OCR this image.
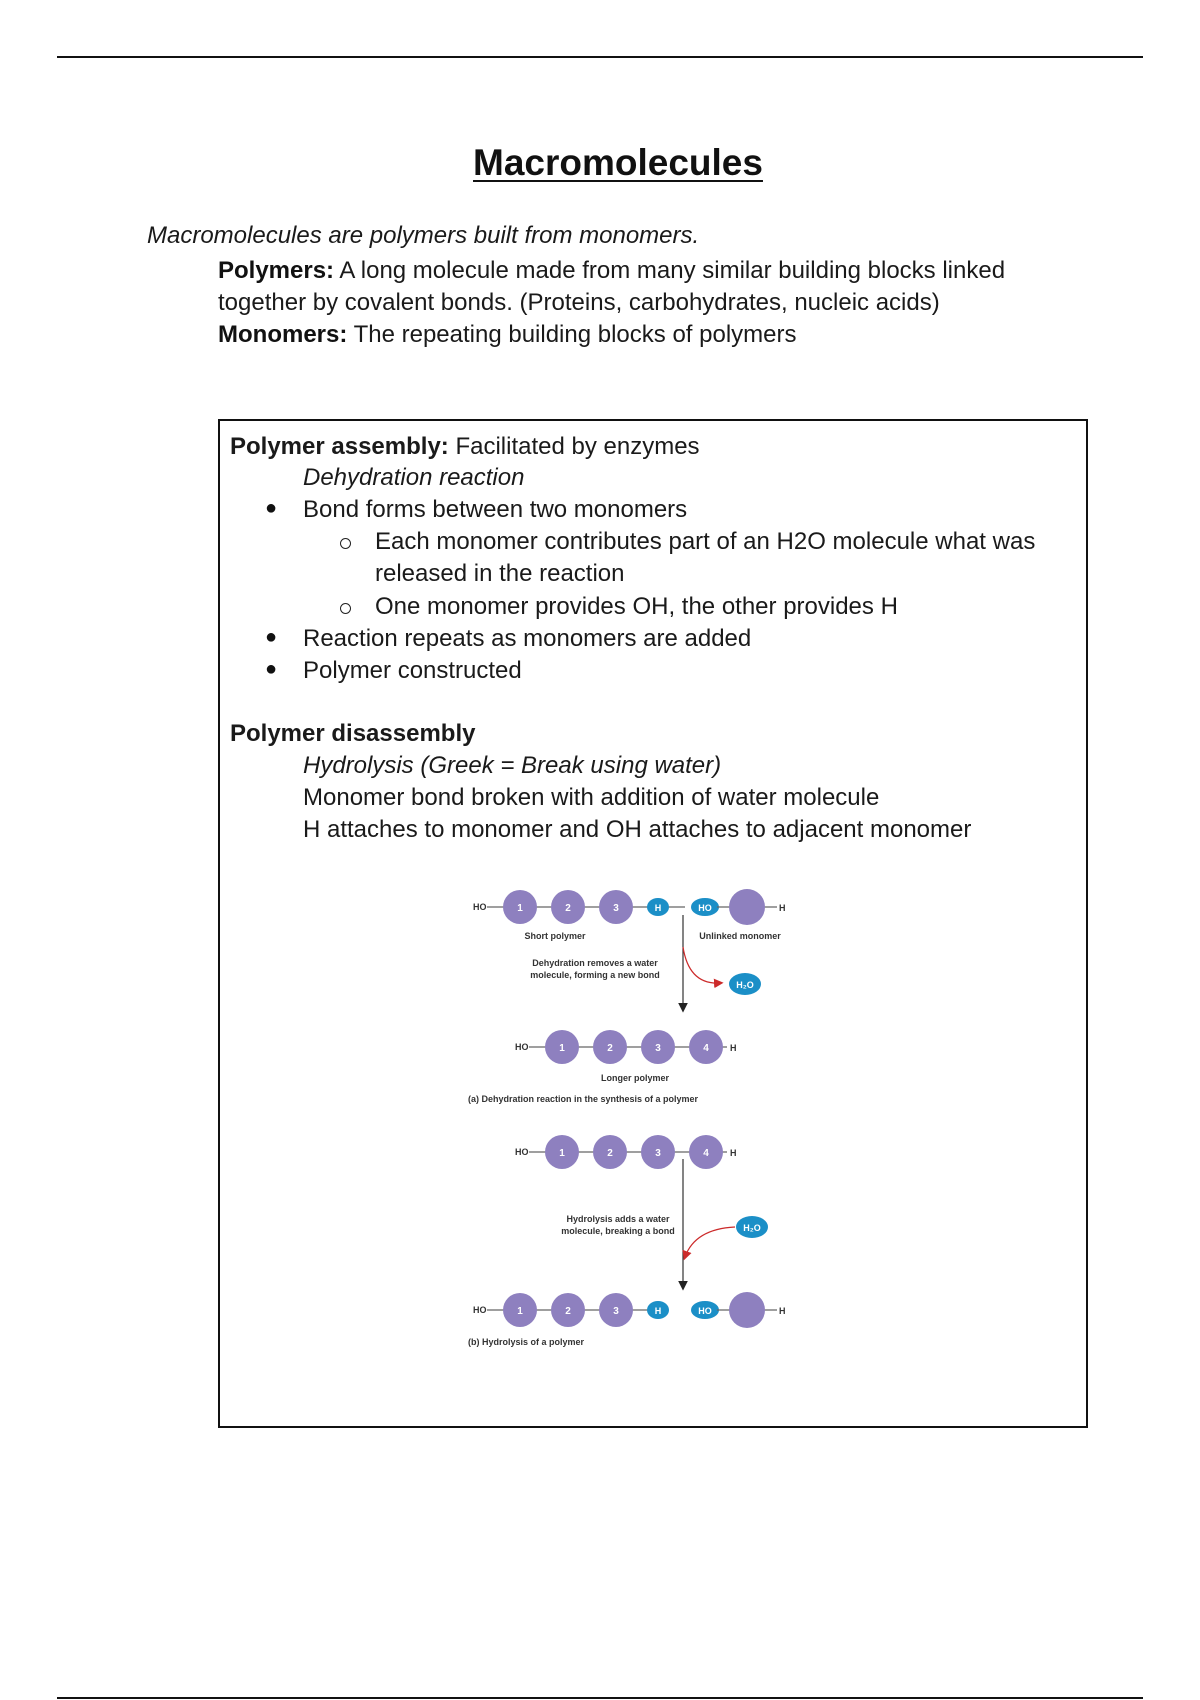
Macromolecules
Macromolecules are polymers built from monomers.
Polymers: A long molecule made from many similar building blocks linked together by covalent bonds. (Proteins, carbohydrates, nucleic acids)
Monomers: The repeating building blocks of polymers
Polymer assembly: Facilitated by enzymes
Dehydration reaction
● Bond forms between two monomers
Each monomer contributes part of an H2O molecule what was
released in the reaction
One monomer provides OH, the other provides H
● Reaction repeats as monomers are added
● Polymer constructed
Polymer disassembly
Hydrolysis (Greek = Break using water)
Monomer bond broken with addition of water molecule
H attaches to monomer and OH attaches to adjacent monomer
HO	1	2	3	H	HO	H
Short polymer	Unlinked monomer
H₂O
Dehydration removes a water
molecule, forming a new bond
HO	1	2	3	4 H
Longer polymer
(a) Dehydration reaction in the synthesis of a polymer
HO	1	2	3	4 H
H₂O
Hydrolysis adds a water
molecule, breaking a bond
HO	1	2	3	H	HO	H
(b) Hydrolysis of a polymer
